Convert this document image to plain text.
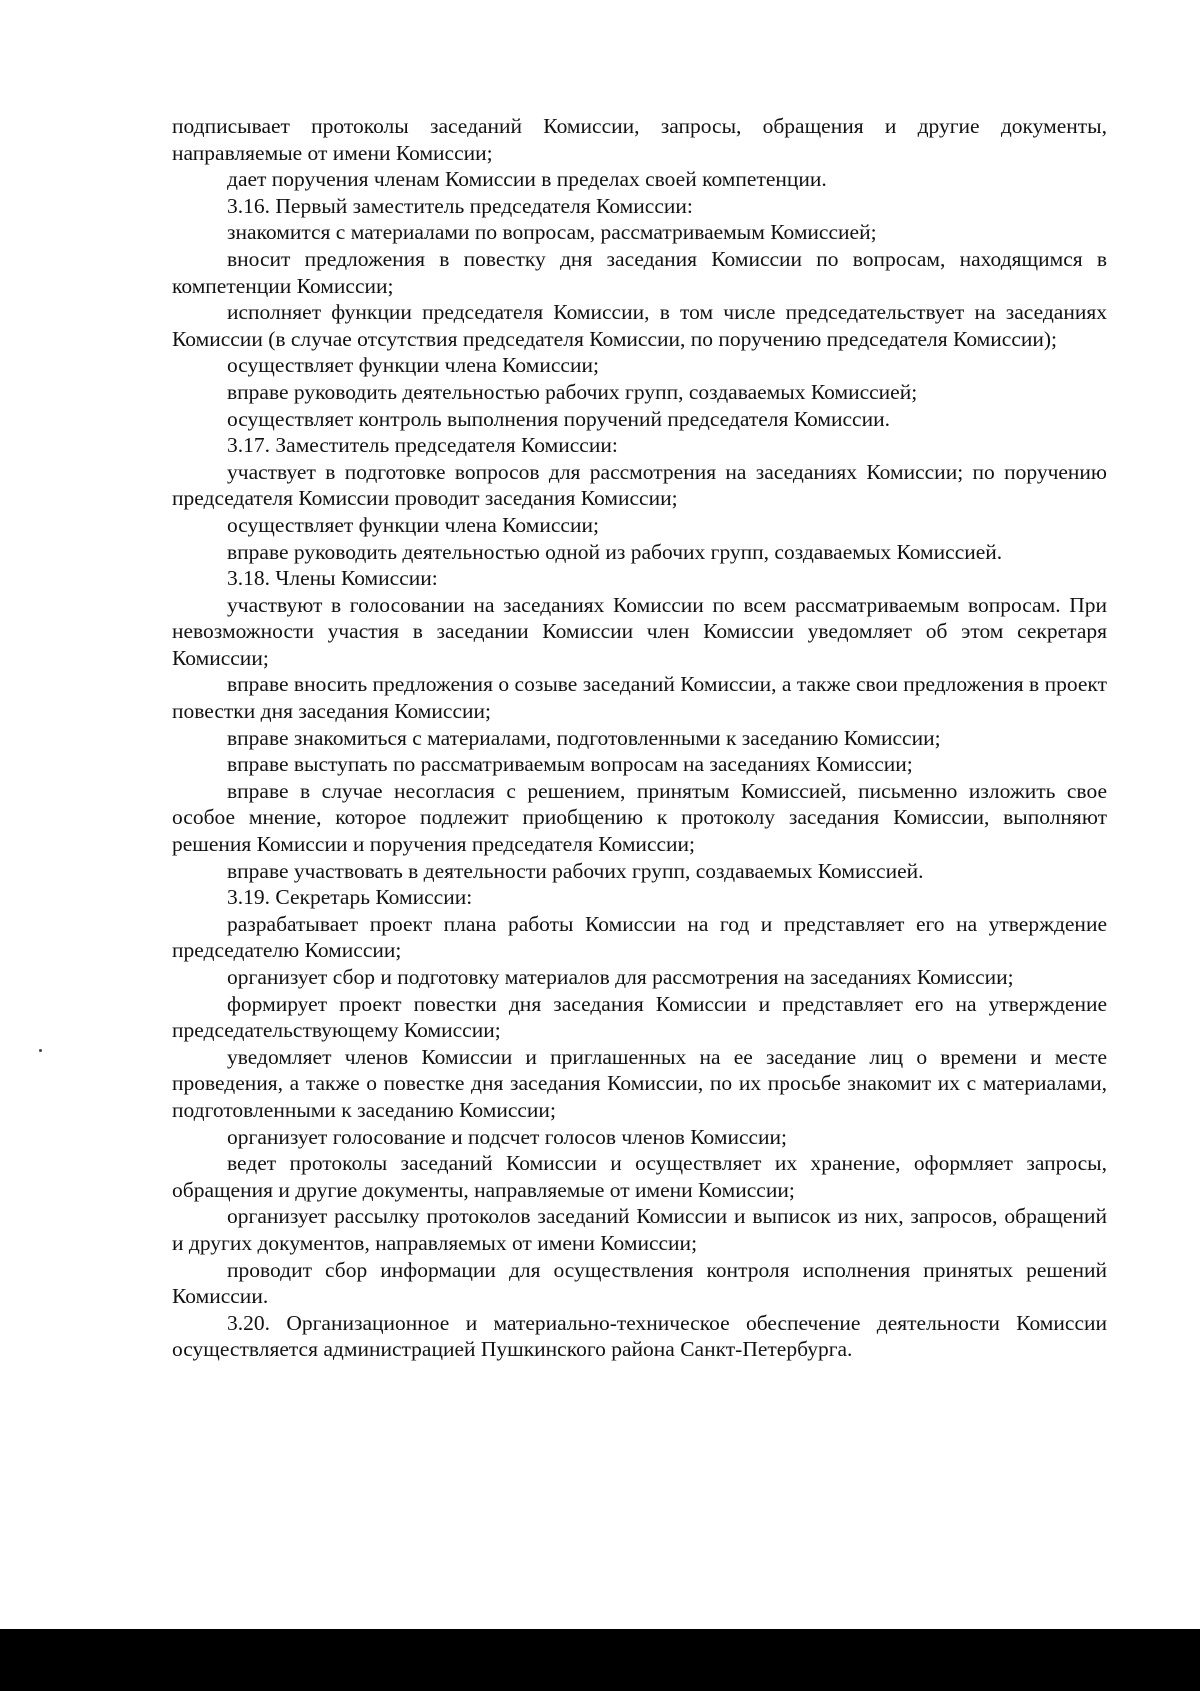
подписывает протоколы заседаний Комиссии, запросы, обращения и другие документы, направляемые от имени Комиссии;

дает поручения членам Комиссии в пределах своей компетенции.

3.16. Первый заместитель председателя Комиссии:

знакомится с материалами по вопросам, рассматриваемым Комиссией;

вносит предложения в повестку дня заседания Комиссии по вопросам, находящимся в компетенции Комиссии;

исполняет функции председателя Комиссии, в том числе председательствует на заседаниях Комиссии (в случае отсутствия председателя Комиссии, по поручению председателя Комиссии);

осуществляет функции члена Комиссии;

вправе руководить деятельностью рабочих групп, создаваемых Комиссией;

осуществляет контроль выполнения поручений председателя Комиссии.

3.17. Заместитель председателя Комиссии:

участвует в подготовке вопросов для рассмотрения на заседаниях Комиссии; по поручению председателя Комиссии проводит заседания Комиссии;

осуществляет функции члена Комиссии;

вправе руководить деятельностью одной из рабочих групп, создаваемых Комиссией.

3.18. Члены Комиссии:

участвуют в голосовании на заседаниях Комиссии по всем рассматриваемым вопросам. При невозможности участия в заседании Комиссии член Комиссии уведомляет об этом секретаря Комиссии;

вправе вносить предложения о созыве заседаний Комиссии, а также свои предложения в проект повестки дня заседания Комиссии;

вправе знакомиться с материалами, подготовленными к заседанию Комиссии;

вправе выступать по рассматриваемым вопросам на заседаниях Комиссии;

вправе в случае несогласия с решением, принятым Комиссией, письменно изложить свое особое мнение, которое подлежит приобщению к протоколу заседания Комиссии, выполняют решения Комиссии и поручения председателя Комиссии;

вправе участвовать в деятельности рабочих групп, создаваемых Комиссией.

3.19. Секретарь Комиссии:

разрабатывает проект плана работы Комиссии на год и представляет его на утверждение председателю Комиссии;

организует сбор и подготовку материалов для рассмотрения на заседаниях Комиссии;

формирует проект повестки дня заседания Комиссии и представляет его на утверждение председательствующему Комиссии;

уведомляет членов Комиссии и приглашенных на ее заседание лиц о времени и месте проведения, а также о повестке дня заседания Комиссии, по их просьбе знакомит их с материалами, подготовленными к заседанию Комиссии;

организует голосование и подсчет голосов членов Комиссии;

ведет протоколы заседаний Комиссии и осуществляет их хранение, оформляет запросы, обращения и другие документы, направляемые от имени Комиссии;

организует рассылку протоколов заседаний Комиссии и выписок из них, запросов, обращений и других документов, направляемых от имени Комиссии;

проводит сбор информации для осуществления контроля исполнения принятых решений Комиссии.

3.20. Организационное и материально-техническое обеспечение деятельности Комиссии осуществляется администрацией Пушкинского района Санкт-Петербурга.
